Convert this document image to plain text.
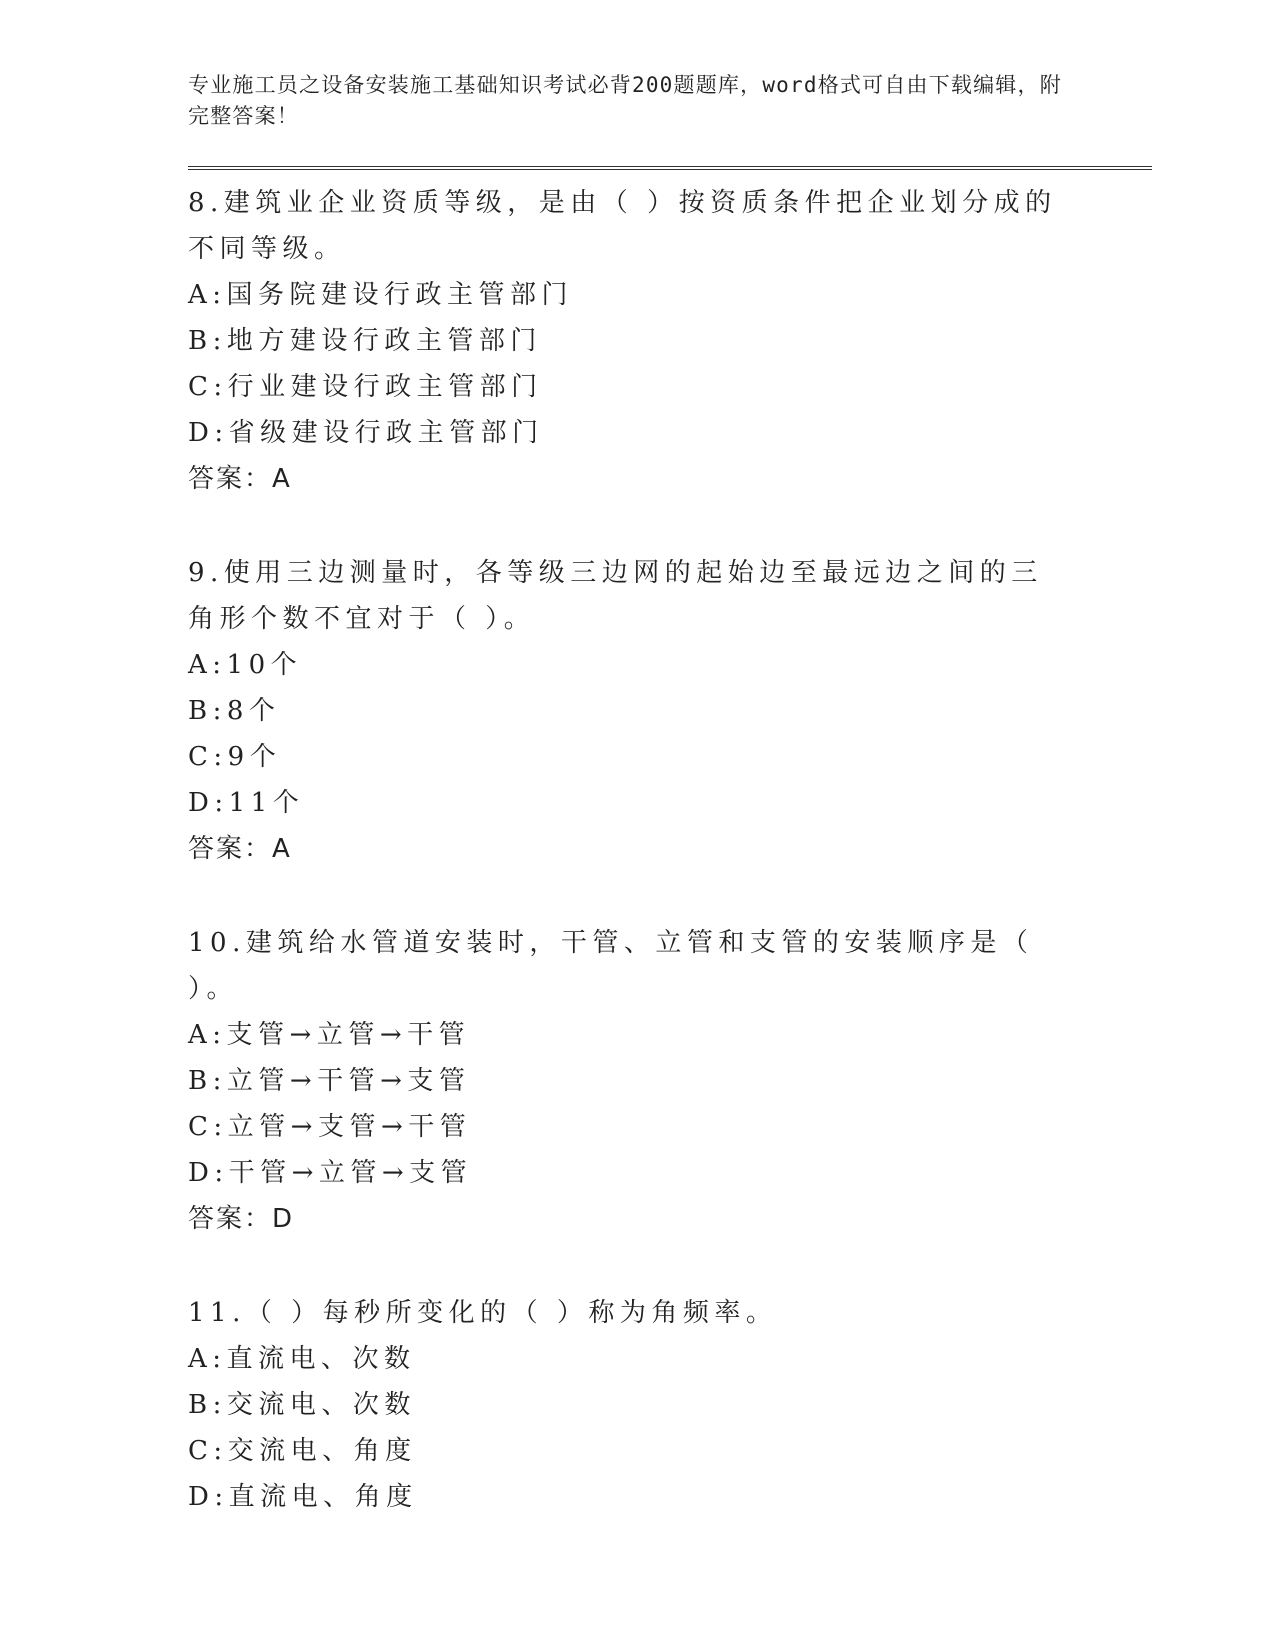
专业施工员之设备安装施工基础知识考试必背200题题库，word格式可自由下载编辑，附完整答案！

8.建筑业企业资质等级，是由（ ）按资质条件把企业划分成的不同等级。

A:国务院建设行政主管部门

B:地方建设行政主管部门

C:行业建设行政主管部门

D:省级建设行政主管部门

答案：A

9.使用三边测量时，各等级三边网的起始边至最远边之间的三角形个数不宜对于（ ）。

A:10个

B:8个

C:9个

D:11个

答案：A

10.建筑给水管道安装时，干管、立管和支管的安装顺序是（ ）。

A:支管→立管→干管

B:立管→干管→支管

C:立管→支管→干管

D:干管→立管→支管

答案：D

11.（ ）每秒所变化的（ ）称为角频率。

A:直流电、次数

B:交流电、次数

C:交流电、角度

D:直流电、角度
